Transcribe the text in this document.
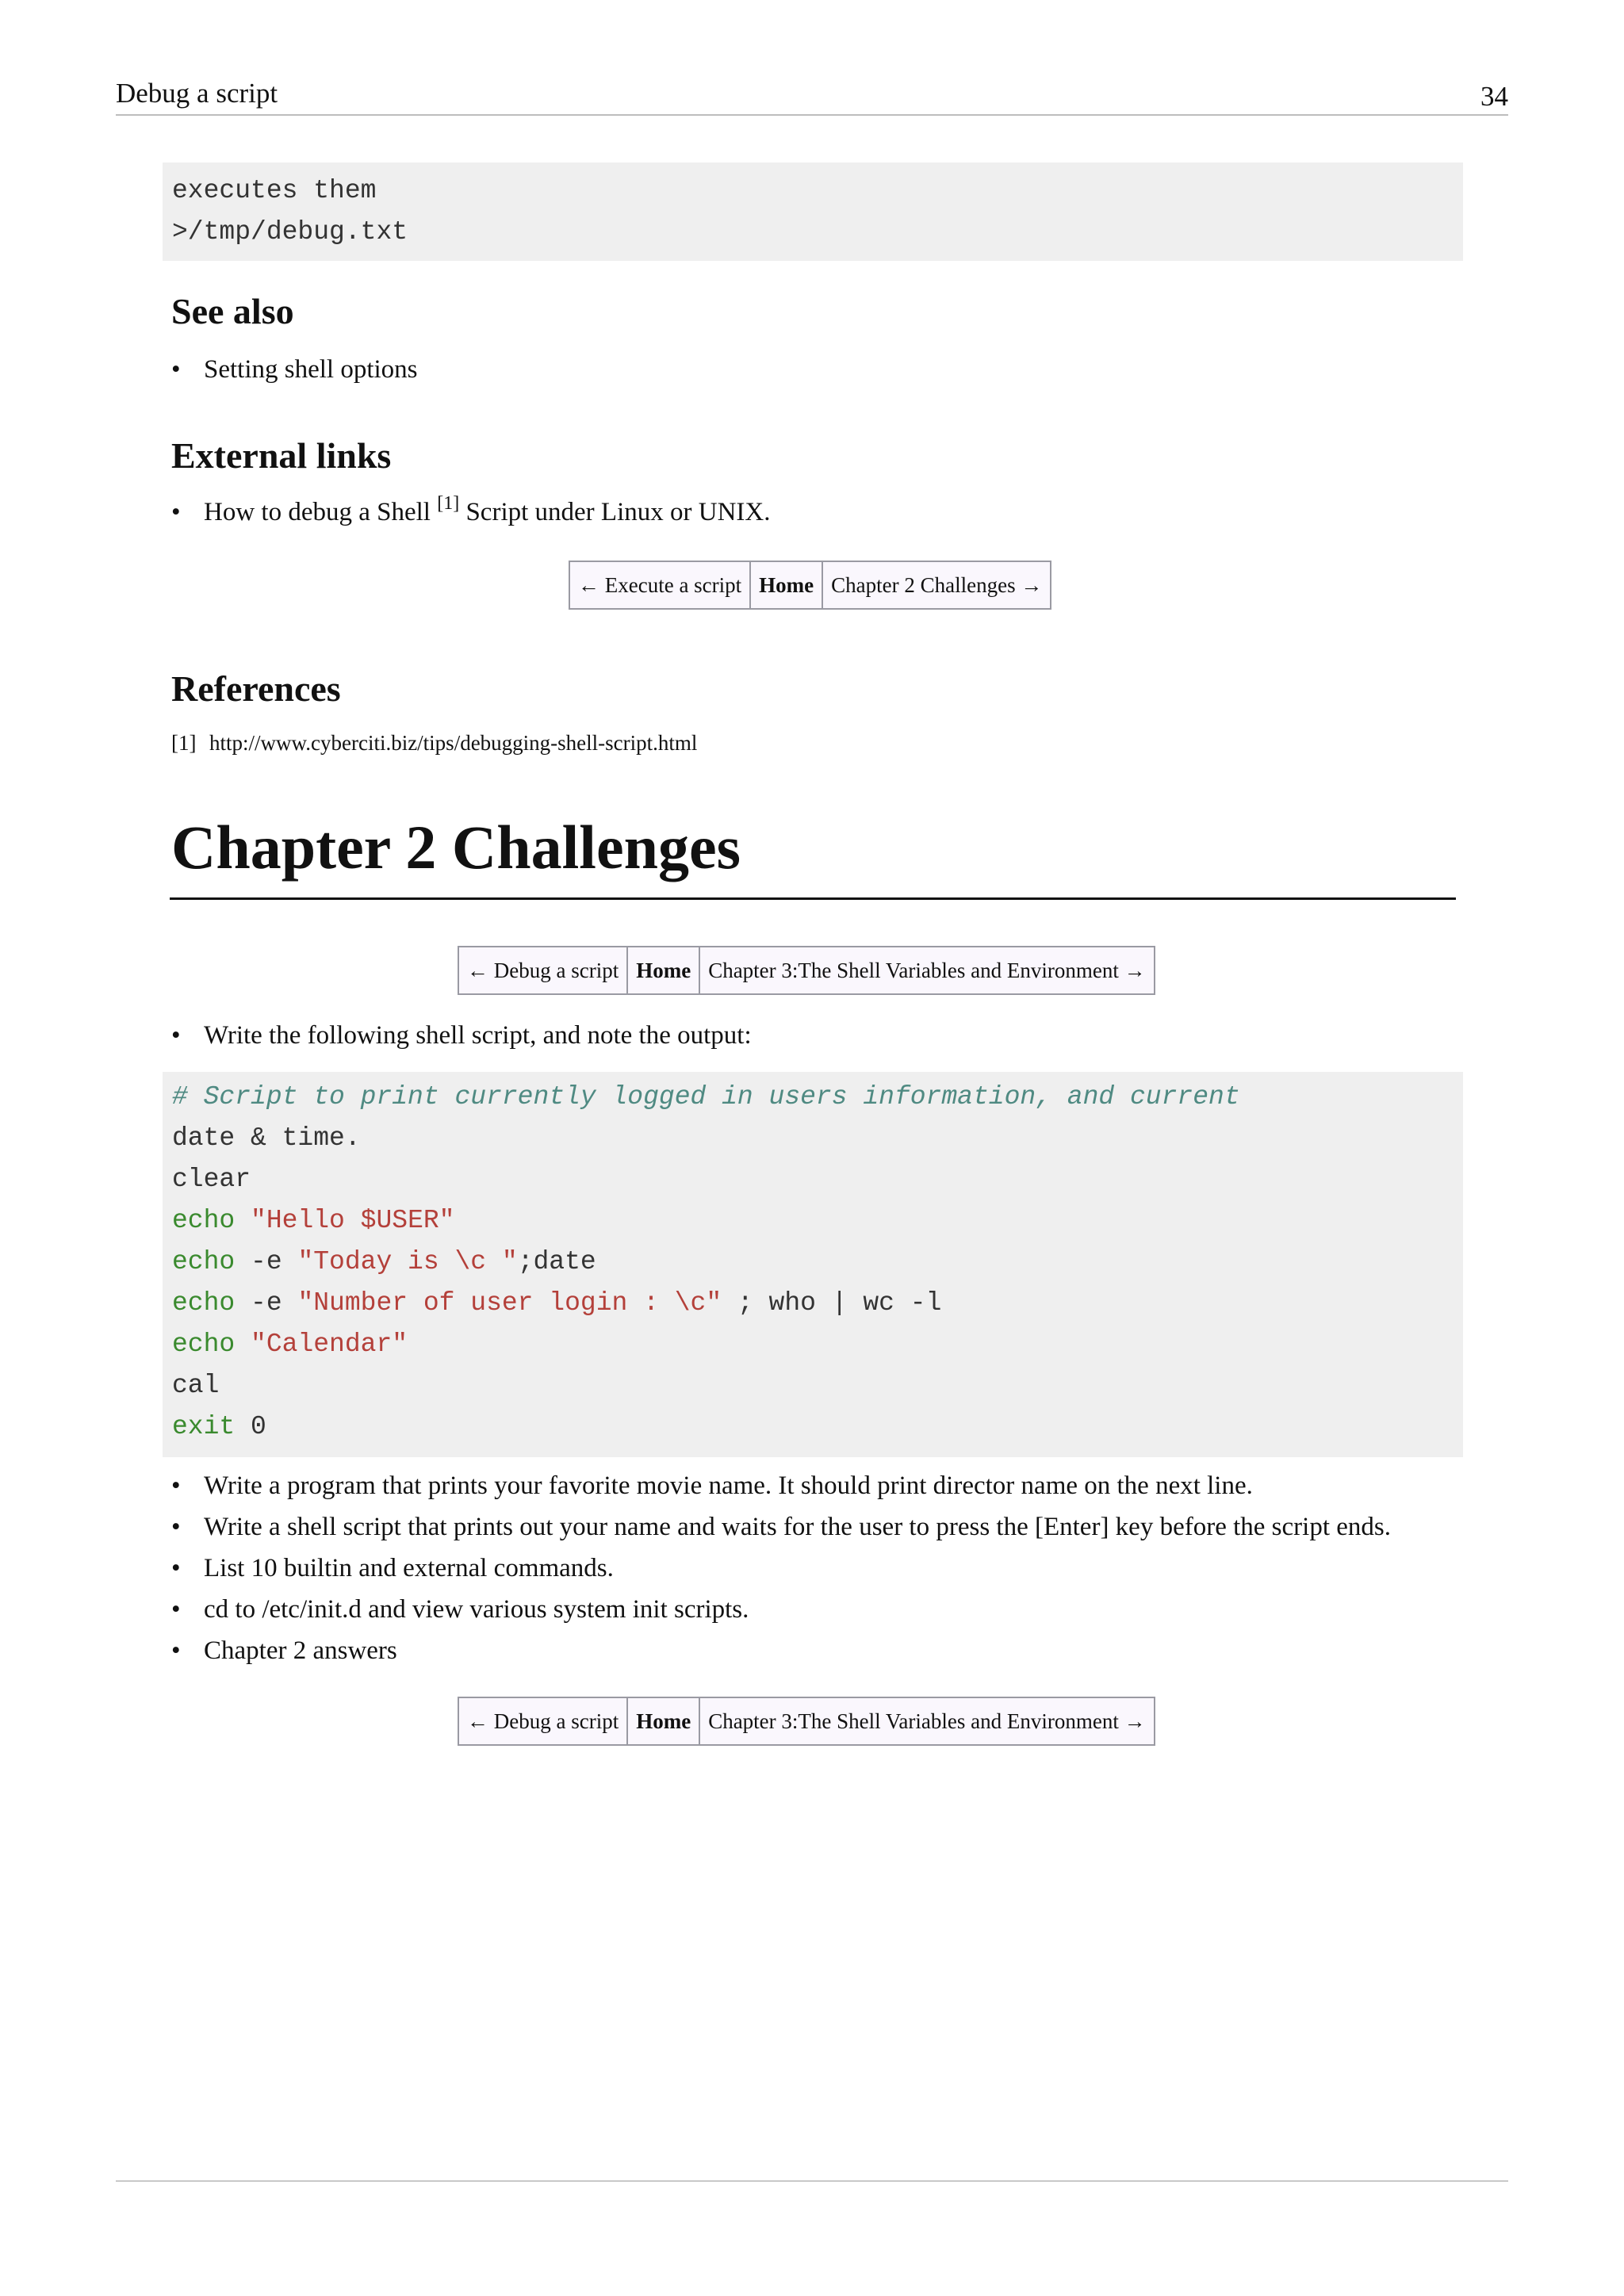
Debug a script	34
executes them
>/tmp/debug.txt
See also
• Setting shell options
External links
• How to debug a Shell [1] Script under Linux or UNIX.
← Execute a script Home Chapter 2 Challenges →
References
[1] http://www.cyberciti.biz/tips/debugging-shell-script.html
Chapter 2 Challenges
← Debug a script Home Chapter 3:The Shell Variables and Environment →
• Write the following shell script, and note the output:
# Script to print currently logged in users information, and current
date & time.
clear
echo "Hello $USER"
echo -e "Today is \c ";date
echo -e "Number of user login : \c" ; who | wc -l
echo "Calendar"
cal
exit 0
• Write a program that prints your favorite movie name. It should print director name on the next line.
• Write a shell script that prints out your name and waits for the user to press the [Enter] key before the script ends.
• List 10 builtin and external commands.
• cd to /etc/init.d and view various system init scripts.
• Chapter 2 answers
← Debug a script Home Chapter 3:The Shell Variables and Environment →
